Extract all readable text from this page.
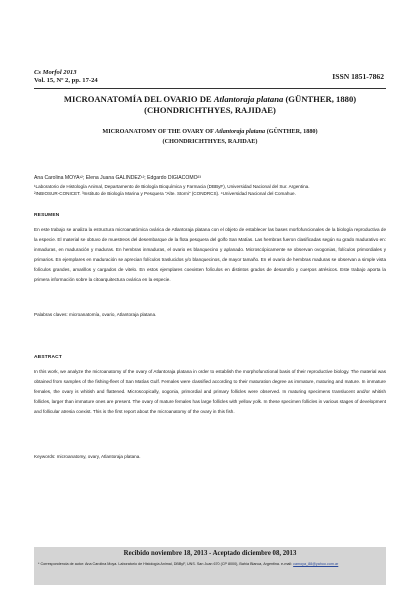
Cs Morfol 2013
Vol. 15, Nº 2, pp. 17-24	ISSN 1851-7862
MICROANATOMÍA DEL OVARIO DE Atlantoraja platana (GÜNTHER, 1880)
(CHONDRICHTHYES, RAJIDAE)
MICROANATOMY OF THE OVARY OF Atlantoraja platana (GÜNTHER, 1880)
(CHONDRICHTHYES, RAJIDAE)
Ana Carolina MOYA¹²; Elena Juana GALINDEZ¹²; Edgardo DIGIACOMO²³
¹Laboratorio de Histología Animal, Departamento de Biología Bioquímica y Farmacia (DBByF), Universidad Nacional del Sur. Argentina.
²INBIOSUR-CONICET. ³Instituto de Biología Marina y Pesquera “Alte. Storni” (CONDRCS). ⁴Universidad Nacional del Comahue.
RESUMEN
En este trabajo se analiza la estructura microanatómica ovárica de Atlantoraja platana con el objeto de establecer las bases morfofuncionales de la biología reproductiva de la especie. El material se obtuvo de muestreos del desembarque de la flota pesquera del golfo San Matías. Las hembras fueron clasificadas según su grado madurativo en: inmaduras, en maduración y maduras. En hembras inmaduras, el ovario es blanquecino y aplanado. Microscópicamente se observan ovogonias, folículos primordiales y primarios. En ejemplares en maduración se aprecian folículos traslucidos y/o blanquecinos, de mayor tamaño. En el ovario de hembras maduras se observan a simple vista folículos grandes, amarillos y cargados de vitelo. En estos ejemplares coexisten folículos en distintos grados de desarrollo y cuerpos atrésicos. Este trabajo aporta la primera información sobre la citoarquitectura ovárica en la especie.
Palabras claves: microanatomía, ovario, Atlantoraja platana.
ABSTRACT
In this work, we analyze the microanatomy of the ovary of Atlantoraja platana in order to establish the morphofunctional basis of their reproductive biology. The material was obtained from samples of the fishing-fleet of San Matías Gulf. Females were classified according to their maturation degree as immature, maturing and mature. In immature females, the ovary is whitish and flattened. Microscopically, oogonia, primordial and primary follicles were observed. In maturing specimens translucent and/or whitish follicles, larger than immature ones are present. The ovary of mature females has large follicles with yellow yolk. In these specimen follicles in various stages of development and follicular atresia coexist. This is the first report about the microanatomy of the ovary in this fish.
Keywords: microanatomy, ovary, Atlantoraja platana.
Recibido noviembre 18, 2013 - Aceptado diciembre 08, 2013
* Correspondencia de autor: Ana Carolina Moya. Laboratorio de Histología Animal, DBByF, UNS. San Juan 670 (CP 8000), Bahía Blanca, Argentina. e-mail: camoya_88@yahoo.com.ar
